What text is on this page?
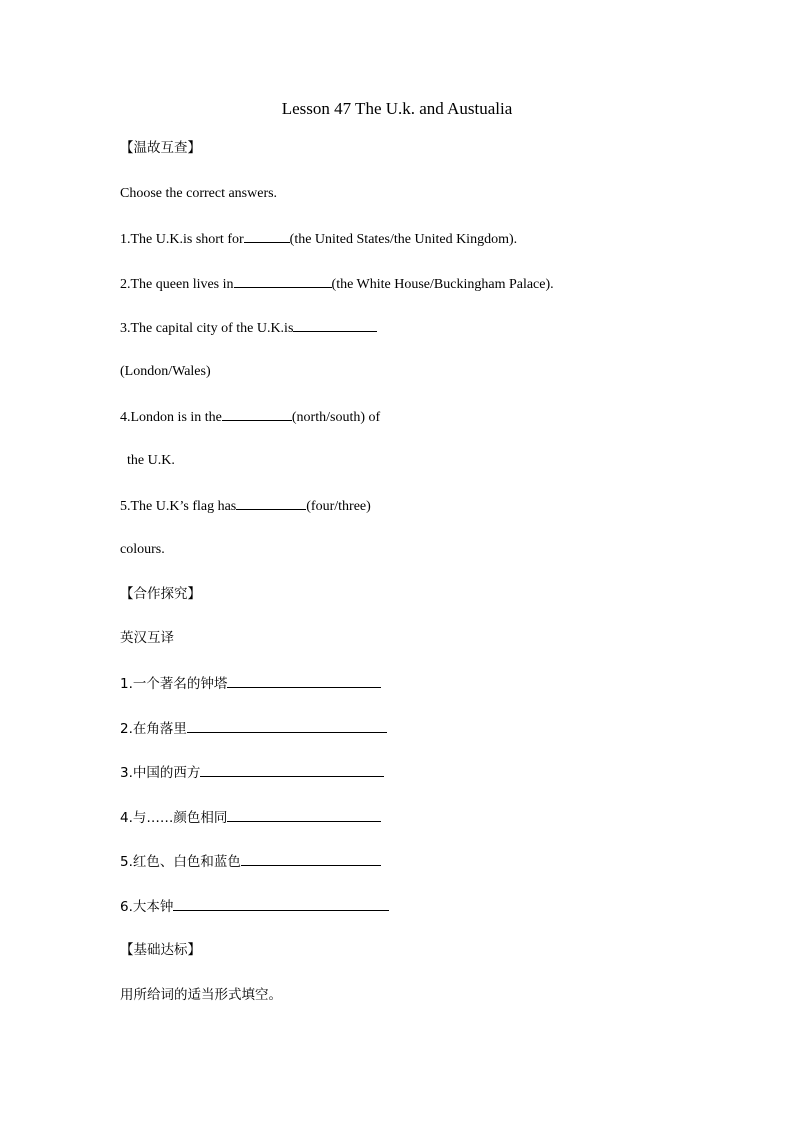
Lesson 47 The U.k. and Austualia
【温故互查】
Choose the correct answers.
1.The U.K.is short for	(the United States/the United Kingdom).
2.The queen lives in	(the White House/Buckingham Palace).
3.The capital city of the U.K.is
(London/Wales)
4.London is in the	(north/south) of
the U.K.
5.The U.K’s flag has	(four/three)
colours.
【合作探究】
英汉互译
1.一个著名的钟塔
2.在角落里
3.中国的西方
4.与……颜色相同
5.红色、白色和蓝色
6.大本钟
【基础达标】
用所给词的适当形式填空。
